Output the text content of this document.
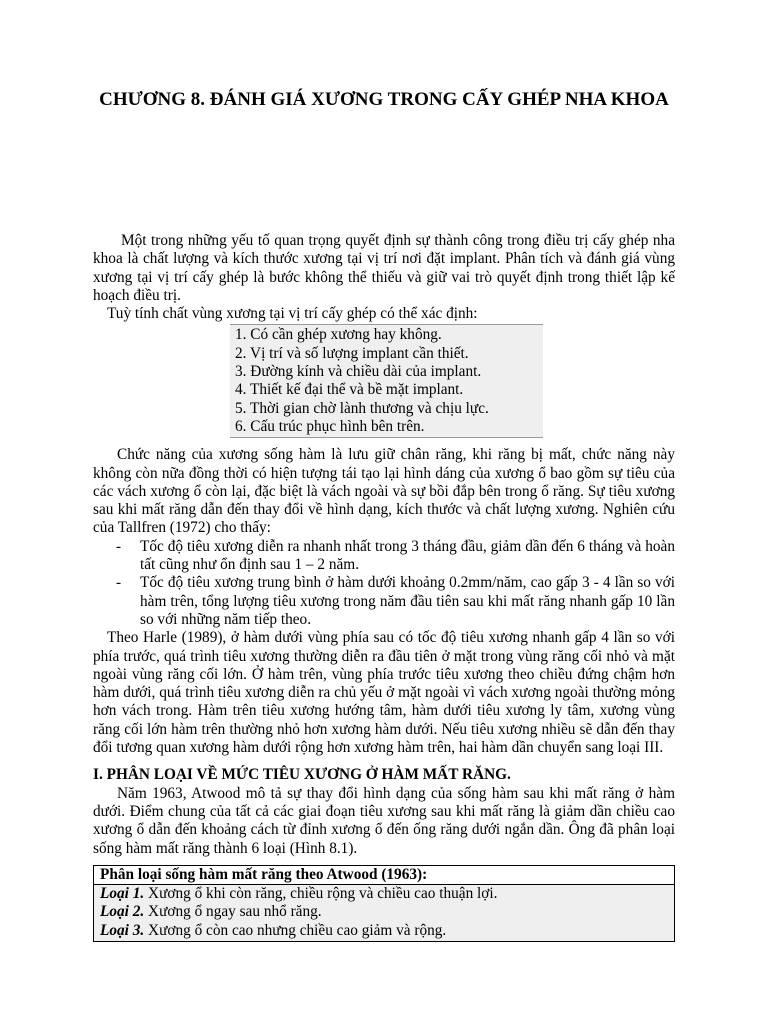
CHƯƠNG 8. ĐÁNH GIÁ XƯƠNG TRONG CẤY GHÉP NHA KHOA

Một trong những yếu tố quan trọng quyết định sự thành công trong điều trị cấy ghép nha khoa là chất lượng và kích thước xương tại vị trí nơi đặt implant. Phân tích và đánh giá vùng xương tại vị trí cấy ghép là bước không thể thiếu và giữ vai trò quyết định trong thiết lập kế hoạch điều trị.

Tuỳ tính chất vùng xương tại vị trí cấy ghép có thể xác định:

1. Có cần ghép xương hay không.
2. Vị trí và số lượng implant cần thiết.
3. Đường kính và chiều dài của implant.
4. Thiết kế đại thể và bề mặt implant.
5. Thời gian chờ lành thương và chịu lực.
6. Cấu trúc phục hình bên trên.

Chức năng của xương sống hàm là lưu giữ chân răng, khi răng bị mất, chức năng này không còn nữa đồng thời có hiện tượng tái tạo lại hình dáng của xương ổ bao gồm sự tiêu của các vách xương ổ còn lại, đặc biệt là vách ngoài và sự bồi đắp bên trong ổ răng. Sự tiêu xương sau khi mất răng dẫn đến thay đổi về hình dạng, kích thước và chất lượng xương. Nghiên cứu của Tallfren (1972) cho thấy:

- Tốc độ tiêu xương diễn ra nhanh nhất trong 3 tháng đầu, giảm dần đến 6 tháng và hoàn tất cũng như ổn định sau 1 – 2 năm.
- Tốc độ tiêu xương trung bình ở hàm dưới khoảng 0.2mm/năm, cao gấp 3 - 4 lần so với hàm trên, tổng lượng tiêu xương trong năm đầu tiên sau khi mất răng nhanh gấp 10 lần so với những năm tiếp theo.

Theo Harle (1989), ở hàm dưới vùng phía sau có tốc độ tiêu xương nhanh gấp 4 lần so với phía trước, quá trình tiêu xương thường diễn ra đầu tiên ở mặt trong vùng răng cối nhỏ và mặt ngoài vùng răng cối lớn. Ở hàm trên, vùng phía trước tiêu xương theo chiều đứng chậm hơn hàm dưới, quá trình tiêu xương diễn ra chủ yếu ở mặt ngoài vì vách xương ngoài thường mỏng hơn vách trong. Hàm trên tiêu xương hướng tâm, hàm dưới tiêu xương ly tâm, xương vùng răng cối lớn hàm trên thường nhỏ hơn xương hàm dưới. Nếu tiêu xương nhiều sẽ dẫn đến thay đổi tương quan xương hàm dưới rộng hơn xương hàm trên, hai hàm dần chuyển sang loại III.

I. PHÂN LOẠI VỀ MỨC TIÊU XƯƠNG Ở HÀM MẤT RĂNG.

Năm 1963, Atwood mô tả sự thay đổi hình dạng của sống hàm sau khi mất răng ở hàm dưới. Điểm chung của tất cả các giai đoạn tiêu xương sau khi mất răng là giảm dần chiều cao xương ổ dẫn đến khoảng cách từ đỉnh xương ổ đến ống răng dưới ngắn dần. Ông đã phân loại sống hàm mất răng thành 6 loại (Hình 8.1).

Phân loại sống hàm mất răng theo Atwood (1963):
Loại 1. Xương ổ khi còn răng, chiều rộng và chiều cao thuận lợi.
Loại 2. Xương ổ ngay sau nhổ răng.
Loại 3. Xương ổ còn cao nhưng chiều cao giảm và rộng.
